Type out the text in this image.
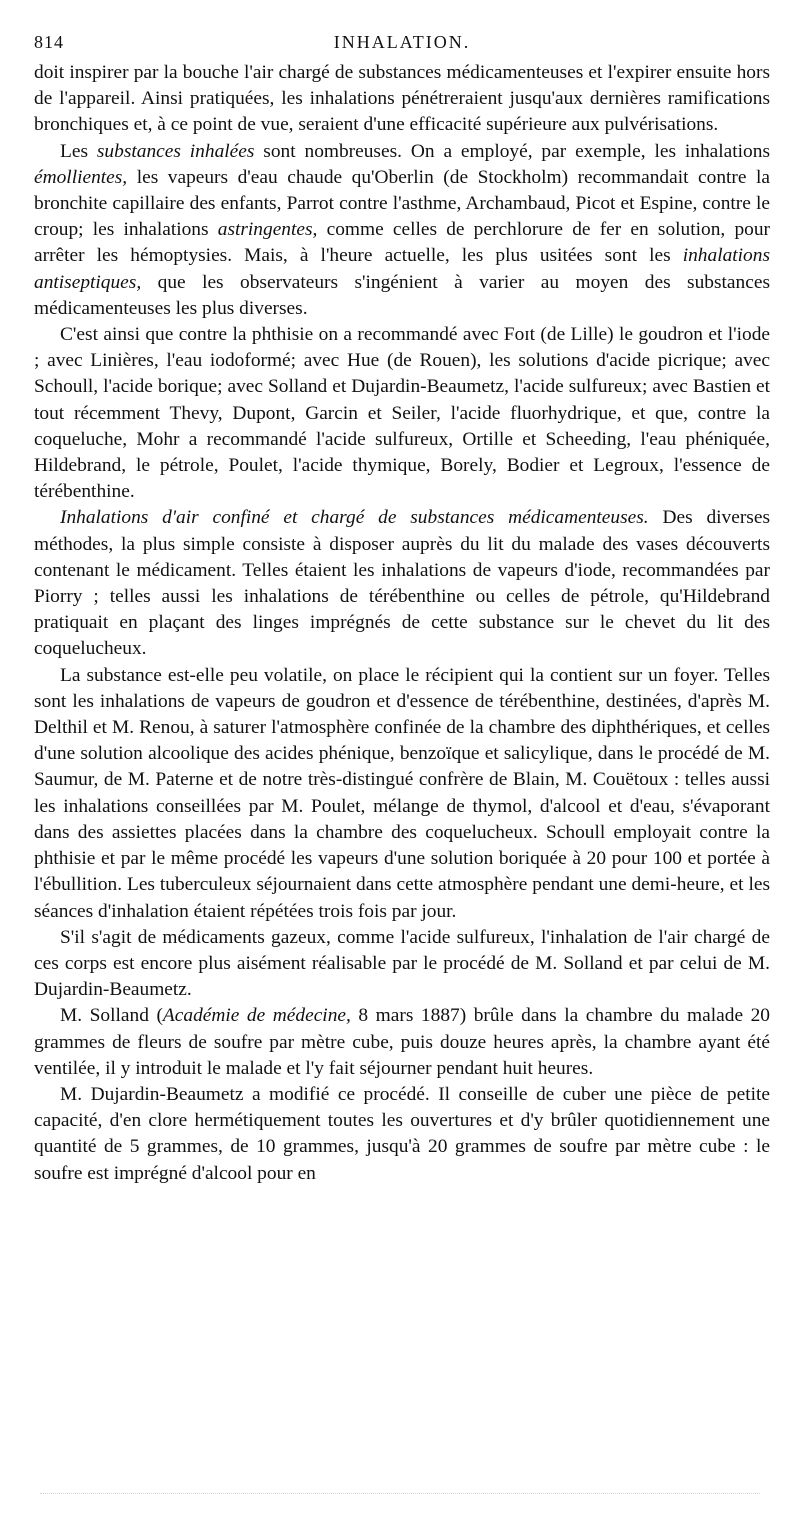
814	INHALATION.

doit inspirer par la bouche l'air chargé de substances médicamenteuses et l'expirer ensuite hors de l'appareil. Ainsi pratiquées, les inhalations pénétreraient jusqu'aux dernières ramifications bronchiques et, à ce point de vue, seraient d'une efficacité supérieure aux pulvérisations.

Les substances inhalées sont nombreuses. On a employé, par exemple, les inhalations émollientes, les vapeurs d'eau chaude qu'Oberlin (de Stockholm) recommandait contre la bronchite capillaire des enfants, Parrot contre l'asthme, Archambaud, Picot et Espine, contre le croup; les inhalations astringentes, comme celles de perchlorure de fer en solution, pour arrêter les hémoptysies. Mais, à l'heure actuelle, les plus usitées sont les inhalations antiseptiques, que les observateurs s'ingénient à varier au moyen des substances médicamenteuses les plus diverses.

C'est ainsi que contre la phthisie on a recommandé avec Foɪt (de Lille) le goudron et l'iode ; avec Linières, l'eau iodoformé; avec Hue (de Rouen), les solutions d'acide picrique; avec Schoull, l'acide borique; avec Solland et Dujardin-Beaumetz, l'acide sulfureux; avec Bastien et tout récemment Thevy, Dupont, Garcin et Seiler, l'acide fluorhydrique, et que, contre la coqueluche, Mohr a recommandé l'acide sulfureux, Ortille et Scheeding, l'eau phéniquée, Hildebrand, le pétrole, Poulet, l'acide thymique, Borely, Bodier et Legroux, l'essence de térébenthine.

Inhalations d'air confiné et chargé de substances médicamenteuses. Des diverses méthodes, la plus simple consiste à disposer auprès du lit du malade des vases découverts contenant le médicament. Telles étaient les inhalations de vapeurs d'iode, recommandées par Piorry ; telles aussi les inhalations de térébenthine ou celles de pétrole, qu'Hildebrand pratiquait en plaçant des linges imprégnés de cette substance sur le chevet du lit des coquelucheux.

La substance est-elle peu volatile, on place le récipient qui la contient sur un foyer. Telles sont les inhalations de vapeurs de goudron et d'essence de térébenthine, destinées, d'après M. Delthil et M. Renou, à saturer l'atmosphère confinée de la chambre des diphthériques, et celles d'une solution alcoolique des acides phénique, benzoïque et salicylique, dans le procédé de M. Saumur, de M. Paterne et de notre très-distingué confrère de Blain, M. Couëtoux : telles aussi les inhalations conseillées par M. Poulet, mélange de thymol, d'alcool et d'eau, s'évaporant dans des assiettes placées dans la chambre des coquelucheux. Schoull employait contre la phthisie et par le même procédé les vapeurs d'une solution boriquée à 20 pour 100 et portée à l'ébullition. Les tuberculeux séjournaient dans cette atmosphère pendant une demi-heure, et les séances d'inhalation étaient répétées trois fois par jour.

S'il s'agit de médicaments gazeux, comme l'acide sulfureux, l'inhalation de l'air chargé de ces corps est encore plus aisément réalisable par le procédé de M. Solland et par celui de M. Dujardin-Beaumetz.

M. Solland (Académie de médecine, 8 mars 1887) brûle dans la chambre du malade 20 grammes de fleurs de soufre par mètre cube, puis douze heures après, la chambre ayant été ventilée, il y introduit le malade et l'y fait séjourner pendant huit heures.

M. Dujardin-Beaumetz a modifié ce procédé. Il conseille de cuber une pièce de petite capacité, d'en clore hermétiquement toutes les ouvertures et d'y brûler quotidiennement une quantité de 5 grammes, de 10 grammes, jusqu'à 20 grammes de soufre par mètre cube : le soufre est imprégné d'alcool pour en
